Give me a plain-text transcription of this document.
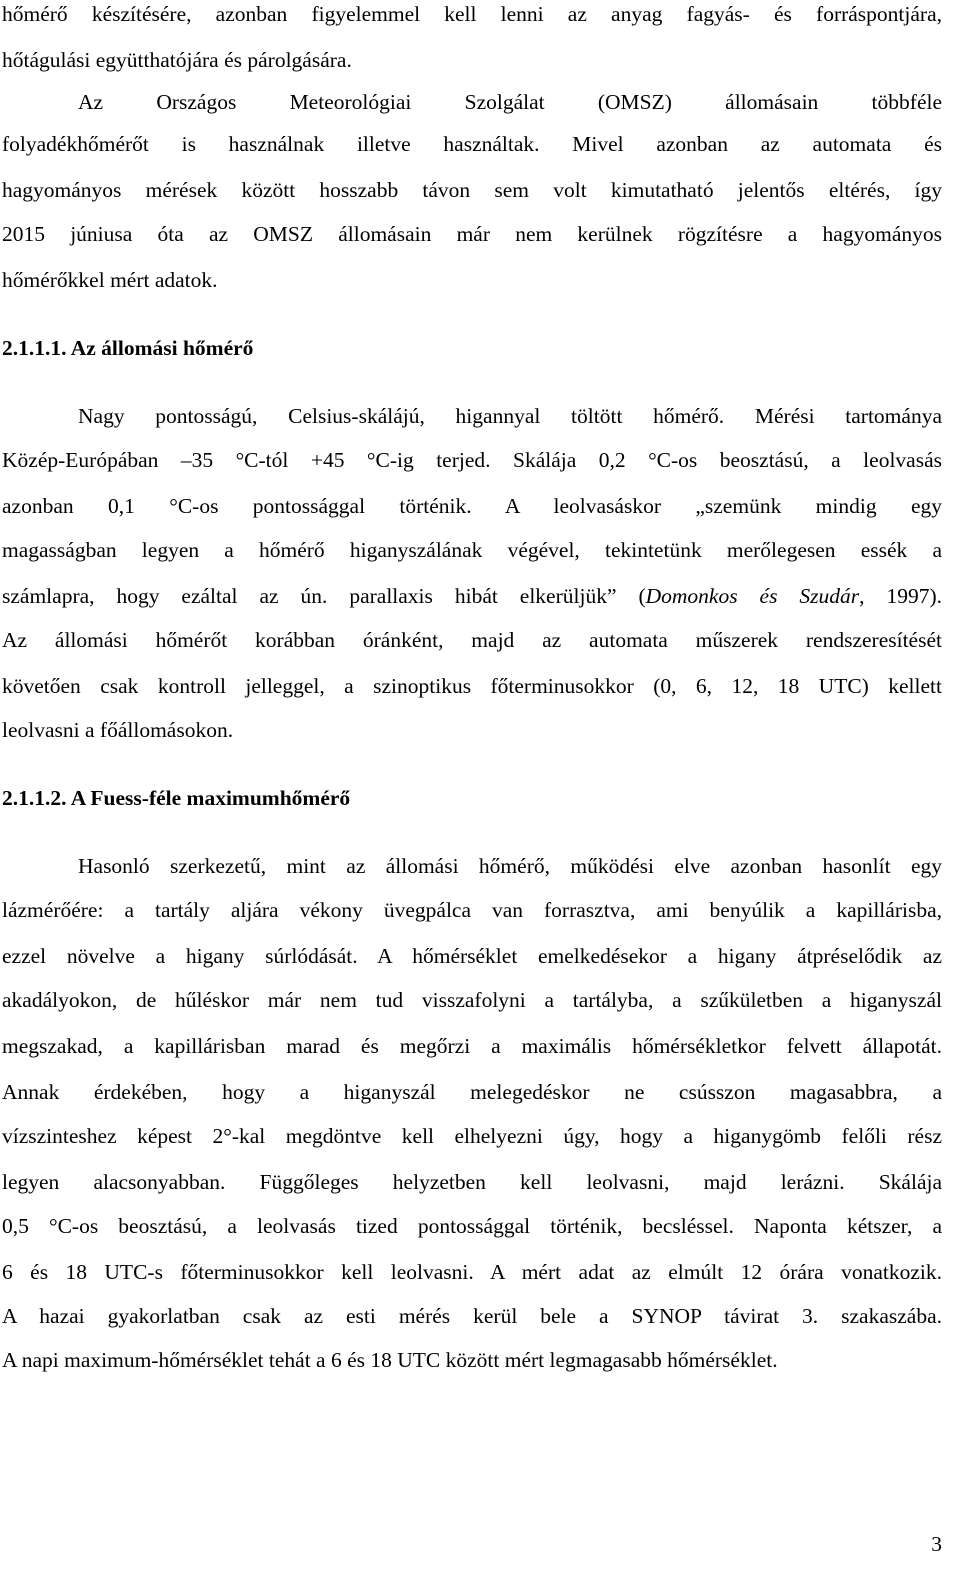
hőmérő készítésére, azonban figyelemmel kell lenni az anyag fagyás- és forráspontjára,
hőtágulási együtthatójára és párolgására.
Az Országos Meteorológiai Szolgálat (OMSZ) állomásain többféle
folyadékhőmérőt is használnak illetve használtak. Mivel azonban az automata és
hagyományos mérések között hosszabb távon sem volt kimutatható jelentős eltérés, így
2015 júniusa óta az OMSZ állomásain már nem kerülnek rögzítésre a hagyományos
hőmérőkkel mért adatok.
2.1.1.1. Az állomási hőmérő
Nagy pontosságú, Celsius-skálájú, higannyal töltött hőmérő. Mérési tartománya
Közép-Európában –35 °C-tól +45 °C-ig terjed. Skálája 0,2 °C-os beosztású, a leolvasás
azonban 0,1 °C-os pontossággal történik. A leolvasáskor „szemünk mindig egy
magasságban legyen a hőmérő higanyszálának végével, tekintetünk merőlegesen essék a
számlapra, hogy ezáltal az ún. parallaxis hibát elkerüljük” (Domonkos és Szudár, 1997).
Az állomási hőmérőt korábban óránként, majd az automata műszerek rendszeresítését
követően csak kontroll jelleggel, a szinoptikus főterminusokkor (0, 6, 12, 18 UTC) kellett
leolvasni a főállomásokon.
2.1.1.2. A Fuess-féle maximumhőmérő
Hasonló szerkezetű, mint az állomási hőmérő, működési elve azonban hasonlít egy
lázmérőére: a tartály aljára vékony üvegpálca van forrasztva, ami benyúlik a kapillárisba,
ezzel növelve a higany súrlódását. A hőmérséklet emelkedésekor a higany átpréselődik az
akadályokon, de hűléskor már nem tud visszafolyni a tartályba, a szűkületben a higanyszál
megszakad, a kapillárisban marad és megőrzi a maximális hőmérsékletkor felvett állapotát.
Annak érdekében, hogy a higanyszál melegedéskor ne csússzon magasabbra, a
vízszinteshez képest 2°-kal megdöntve kell elhelyezni úgy, hogy a higanygömb felőli rész
legyen alacsonyabban. Függőleges helyzetben kell leolvasni, majd lerázni. Skálája
0,5 °C-os beosztású, a leolvasás tized pontossággal történik, becsléssel. Naponta kétszer, a
6 és 18 UTC-s főterminusokkor kell leolvasni. A mért adat az elmúlt 12 órára vonatkozik.
A hazai gyakorlatban csak az esti mérés kerül bele a SYNOP távirat 3. szakaszába.
A napi maximum-hőmérséklet tehát a 6 és 18 UTC között mért legmagasabb hőmérséklet.
3
